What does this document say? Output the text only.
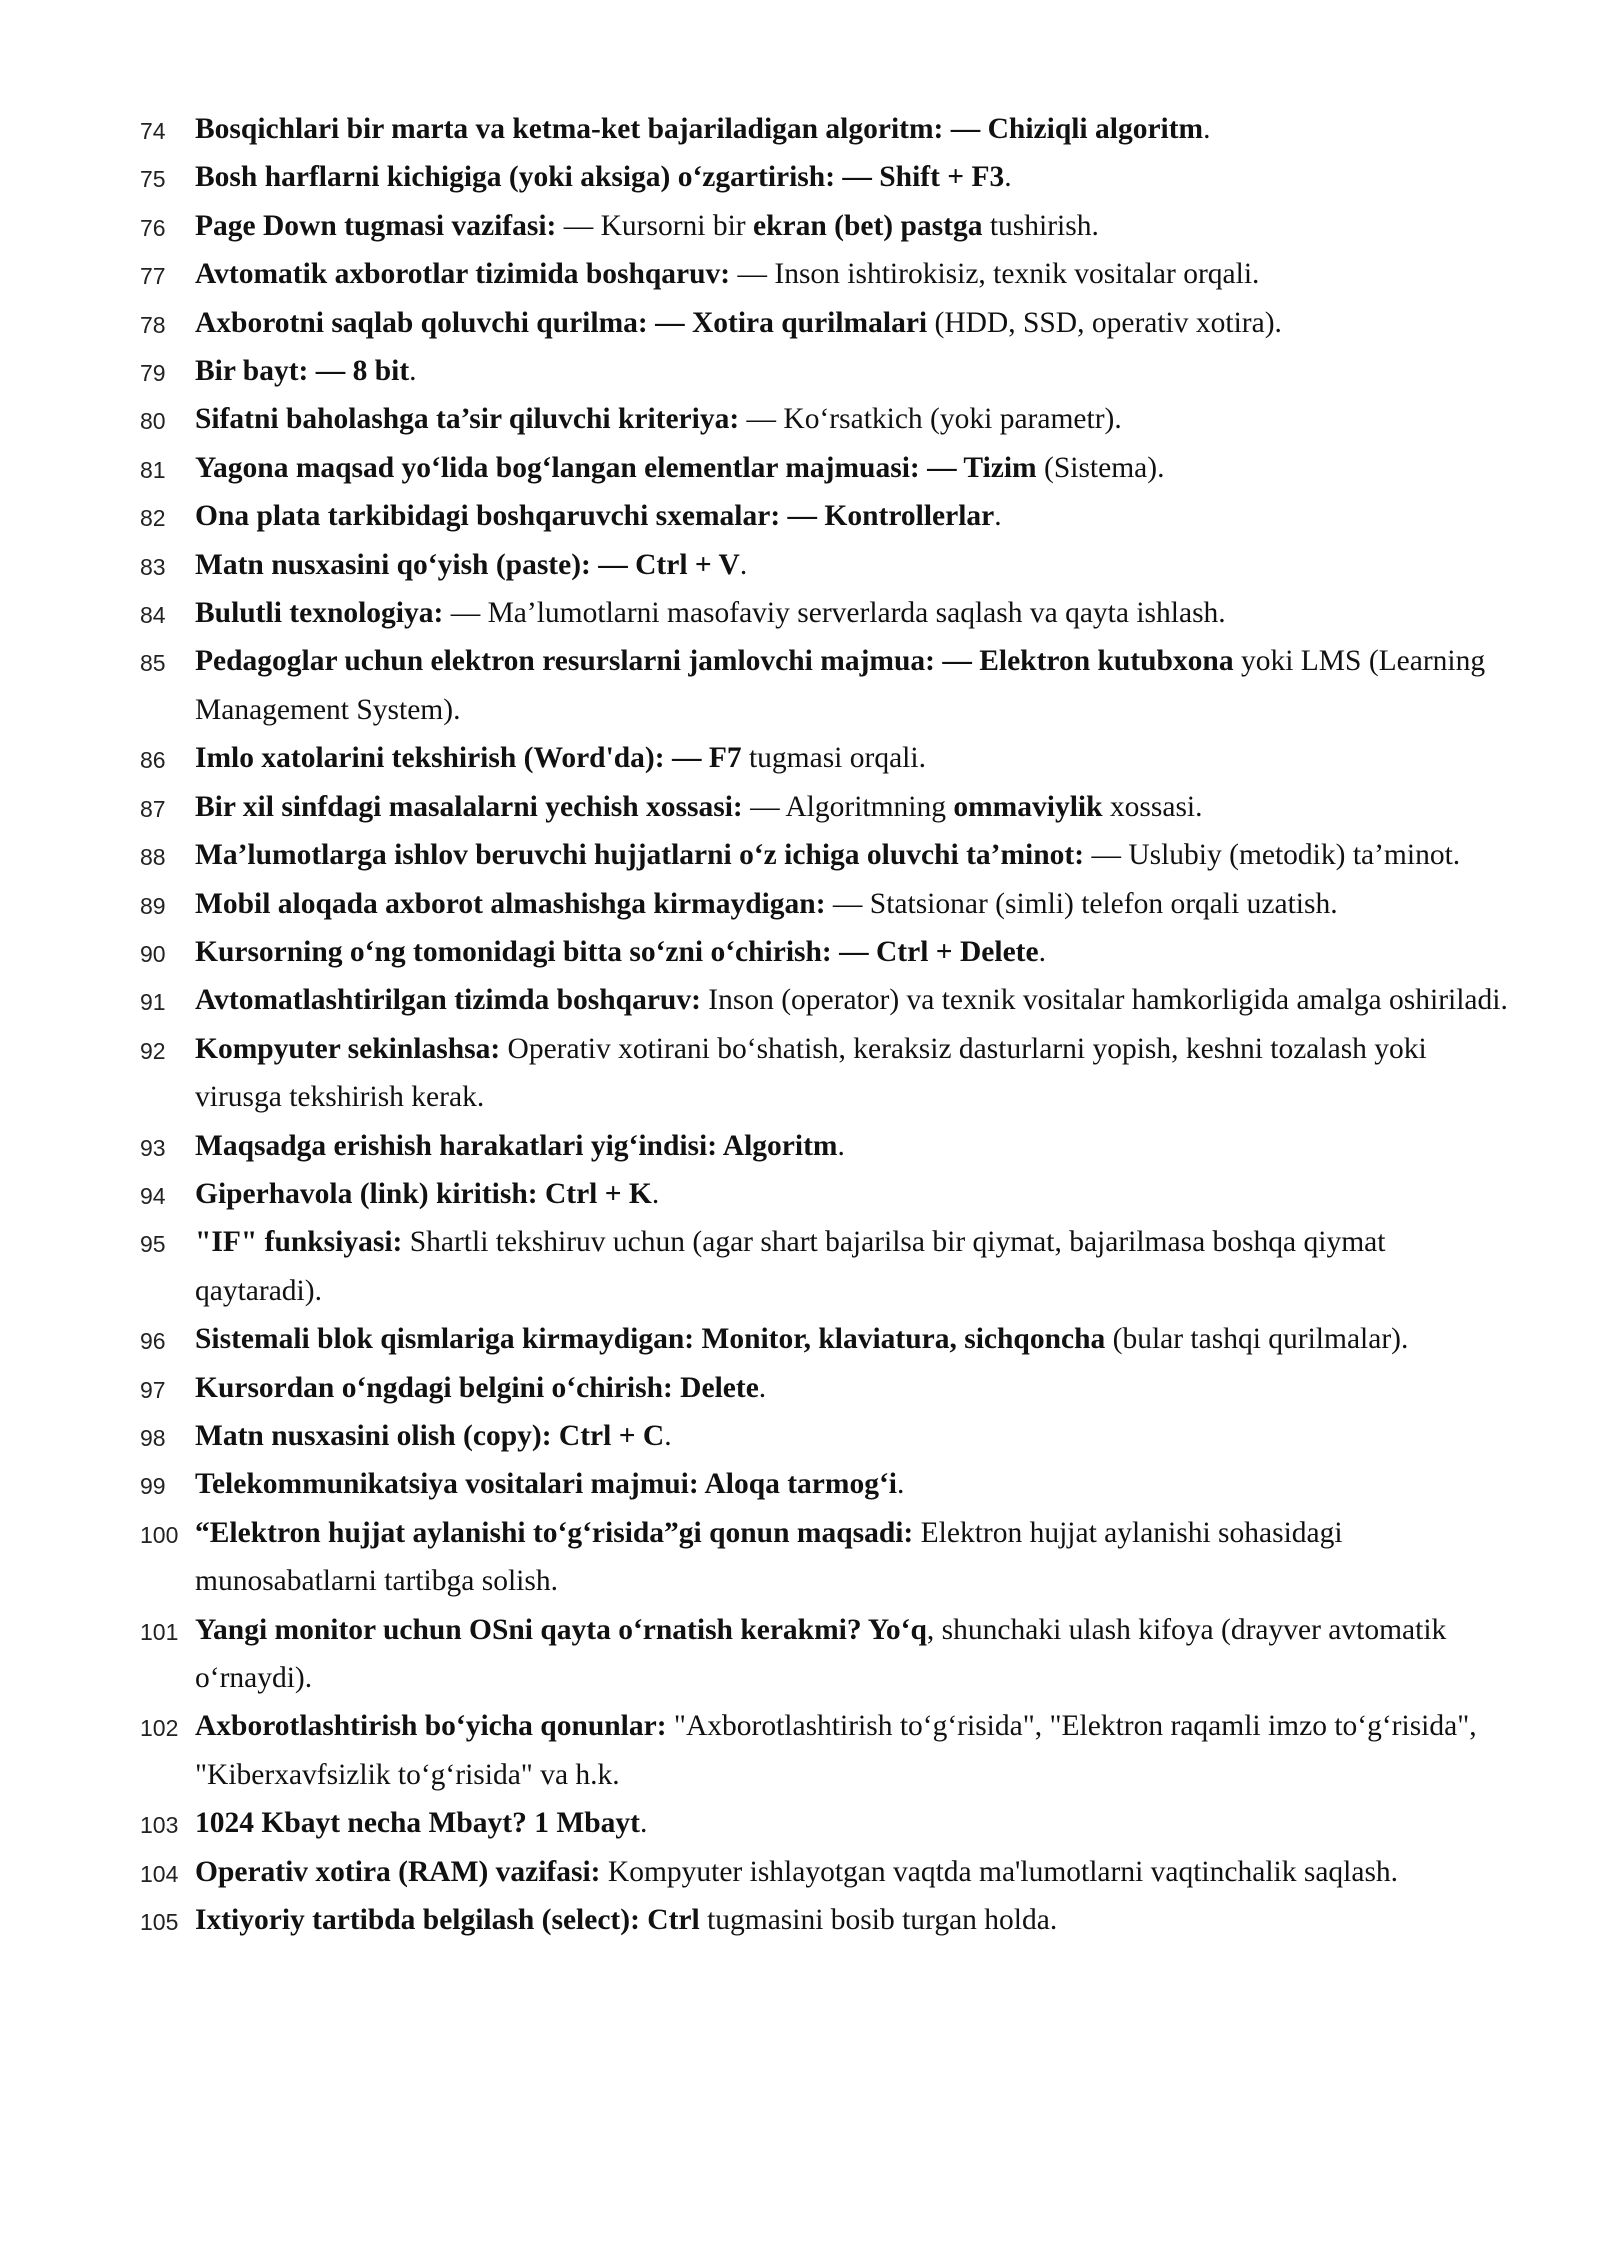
74 Bosqichlari bir marta va ketma-ket bajariladigan algoritm: — Chiziqli algoritm.
75 Bosh harflarni kichigiga (yoki aksiga) o‘zgartirish: — Shift + F3.
76 Page Down tugmasi vazifasi: — Kursorni bir ekran (bet) pastga tushirish.
77 Avtomatik axborotlar tizimida boshqaruv: — Inson ishtirokisiz, texnik vositalar orqali.
78 Axborotni saqlab qoluvchi qurilma: — Xotira qurilmalari (HDD, SSD, operativ xotira).
79 Bir bayt: — 8 bit.
80 Sifatni baholashga ta’sir qiluvchi kriteriya: — Ko‘rsatkich (yoki parametr).
81 Yagona maqsad yo‘lida bog‘langan elementlar majmuasi: — Tizim (Sistema).
82 Ona plata tarkibidagi boshqaruvchi sxemalar: — Kontrollerlar.
83 Matn nusxasini qo‘yish (paste): — Ctrl + V.
84 Bulutli texnologiya: — Ma’lumotlarni masofaviy serverlarda saqlash va qayta ishlash.
85 Pedagoglar uchun elektron resurslarni jamlovchi majmua: — Elektron kutubxona yoki LMS (Learning Management System).
86 Imlo xatolarini tekshirish (Word'da): — F7 tugmasi orqali.
87 Bir xil sinfdagi masalalarni yechish xossasi: — Algoritmning ommaviylik xossasi.
88 Ma’lumotlarga ishlov beruvchi hujjatlarni o‘z ichiga oluvchi ta’minot: — Uslubiy (metodik) ta’minot.
89 Mobil aloqada axborot almashishga kirmaydigan: — Statsionar (simli) telefon orqali uzatish.
90 Kursorning o‘ng tomonidagi bitta so‘zni o‘chirish: — Ctrl + Delete.
91 Avtomatlashtirilgan tizimda boshqaruv: Inson (operator) va texnik vositalar hamkorligida amalga oshiriladi.
92 Kompyuter sekinlashsa: Operativ xotirani bo‘shatish, keraksiz dasturlarni yopish, keshni tozalash yoki virusga tekshirish kerak.
93 Maqsadga erishish harakatlari yig‘indisi: Algoritm.
94 Giperhavola (link) kiritish: Ctrl + K.
95 "IF" funksiyasi: Shartli tekshiruv uchun (agar shart bajarilsa bir qiymat, bajarilmasa boshqa qiymat qaytaradi).
96 Sistemali blok qismlariga kirmaydigan: Monitor, klaviatura, sichqoncha (bular tashqi qurilmalar).
97 Kursordan o‘ngdagi belgini o‘chirish: Delete.
98 Matn nusxasini olish (copy): Ctrl + C.
99 Telekommunikatsiya vositalari majmui: Aloqa tarmog‘i.
100 “Elektron hujjat aylanishi to‘g‘risida”gi qonun maqsadi: Elektron hujjat aylanishi sohasidagi munosabatlarni tartibga solish.
101 Yangi monitor uchun OSni qayta o‘rnatish kerakmi? Yo‘q, shunchaki ulash kifoya (drayver avtomatik o‘rnaydi).
102 Axborotlashtirish bo‘yicha qonunlar: "Axborotlashtirish to‘g‘risida", "Elektron raqamli imzo to‘g‘risida", "Kiberxavfsizlik to‘g‘risida" va h.k.
103 1024 Kbayt necha Mbayt? 1 Mbayt.
104 Operativ xotira (RAM) vazifasi: Kompyuter ishlayotgan vaqtda ma'lumotlarni vaqtinchalik saqlash.
105 Ixtiyoriy tartibda belgilash (select): Ctrl tugmasini bosib turgan holda.
